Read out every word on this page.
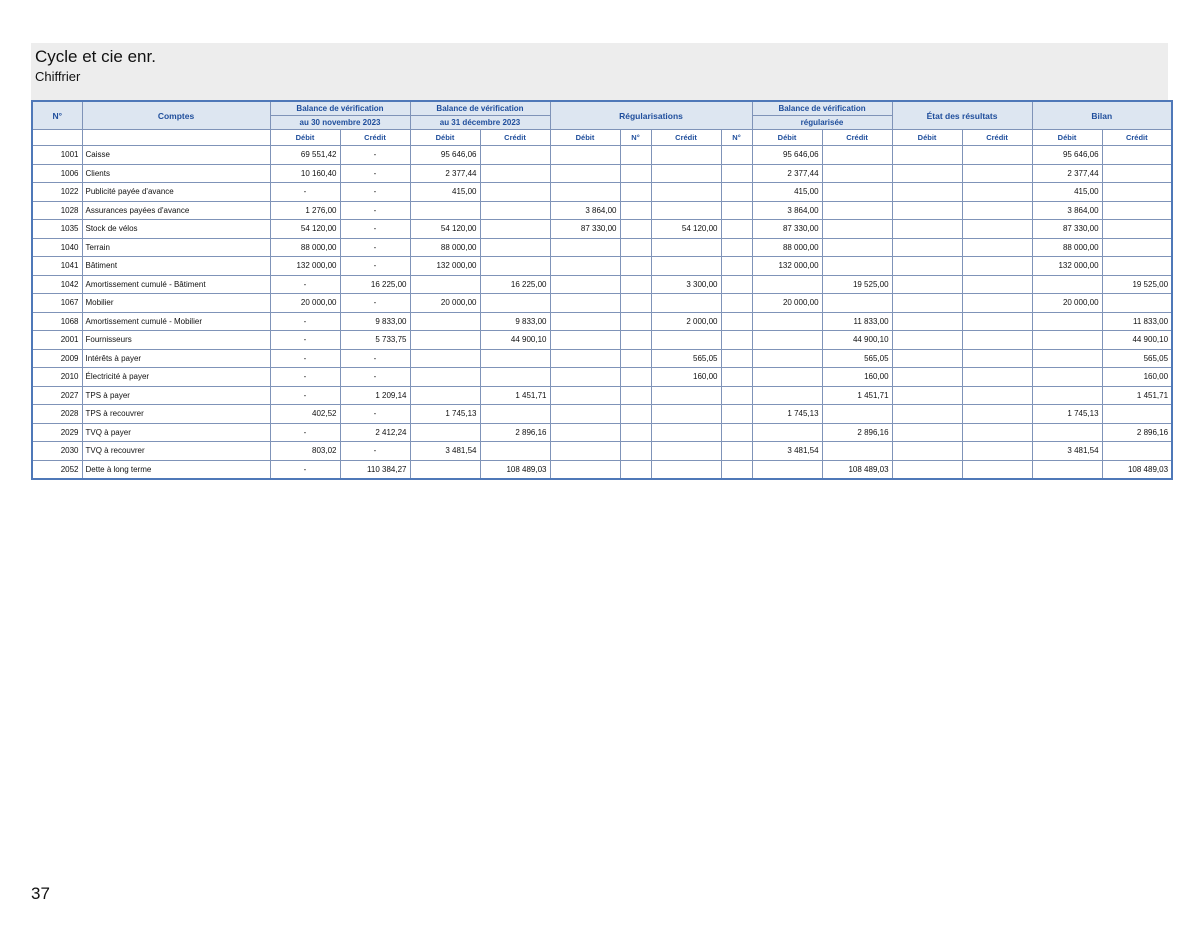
Cycle et cie enr.
Chiffrier
N°	Comptes	Balance de vérification		Balance de vérification		Régularisations				Balance de vérification		État des résultats		Bilan	
		au 30 novembre 2023		au 31 décembre 2023						régularisée					
		Débit	Crédit	Débit	Crédit	Débit	N°	Crédit	N°	Débit	Crédit	Débit	Crédit	Débit	Crédit
1001	Caisse	69 551,42	-	95 646,06						95 646,06				95 646,06	
1006	Clients	10 160,40	-	2 377,44						2 377,44				2 377,44	
1022	Publicité payée d'avance	-	-	415,00						415,00				415,00	
1028	Assurances payées d'avance	1 276,00	-			3 864,00				3 864,00				3 864,00	
1035	Stock de vélos	54 120,00	-	54 120,00		87 330,00		54 120,00		87 330,00				87 330,00	
1040	Terrain	88 000,00	-	88 000,00						88 000,00				88 000,00	
1041	Bâtiment	132 000,00	-	132 000,00						132 000,00				132 000,00	
1042	Amortissement cumulé - Bâtiment	-	16 225,00		16 225,00			3 300,00			19 525,00				19 525,00
1067	Mobilier	20 000,00	-	20 000,00						20 000,00				20 000,00	
1068	Amortissement cumulé - Mobilier	-	9 833,00		9 833,00			2 000,00			11 833,00				11 833,00
2001	Fournisseurs	-	5 733,75		44 900,10						44 900,10				44 900,10
2009	Intérêts à payer	-	-					565,05			565,05				565,05
2010	Électricité à payer	-	-					160,00			160,00				160,00
2027	TPS à payer	-	1 209,14		1 451,71						1 451,71				1 451,71
2028	TPS à recouvrer	402,52	-	1 745,13						1 745,13				1 745,13	
2029	TVQ à payer	-	2 412,24		2 896,16						2 896,16				2 896,16
2030	TVQ à recouvrer	803,02	-	3 481,54						3 481,54				3 481,54	
2052	Dette à long terme	-	110 384,27		108 489,03						108 489,03				108 489,03
37
